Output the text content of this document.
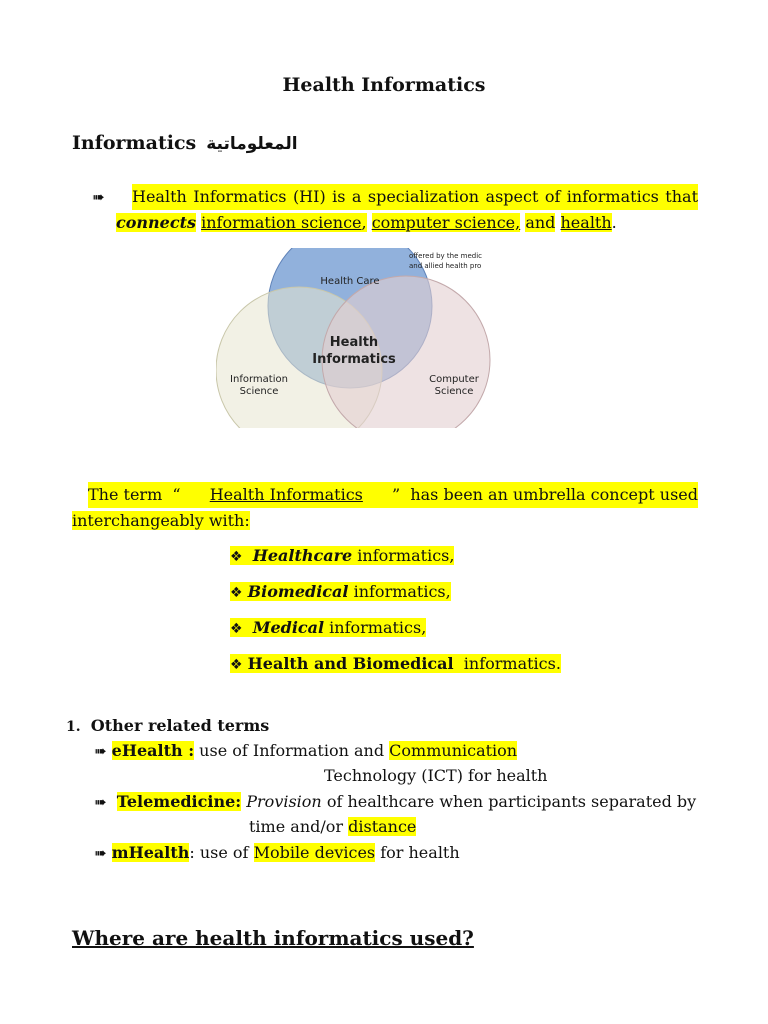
Health Informatics
Informatics المعلوماتية
➠ Health Informatics (HI) is a specialization aspect of informatics that
connects information science, computer science, and health.
offered by the medic
and allied health pro
Health Care
Information
Science
Computer
Science
Health
Informatics
The term  “ Health Informatics ”  has been an umbrella concept used
interchangeably with:
❖ Healthcare informatics,
❖ Biomedical informatics,
❖ Medical informatics,
❖ Health and Biomedical  informatics.
1. Other related terms
➠ eHealth : use of Information and Communication
Technology (ICT) for health
➠ Telemedicine: Provision of healthcare when participants separated by
time and/or distance
➠ mHealth: use of Mobile devices for health
Where are health informatics used?
